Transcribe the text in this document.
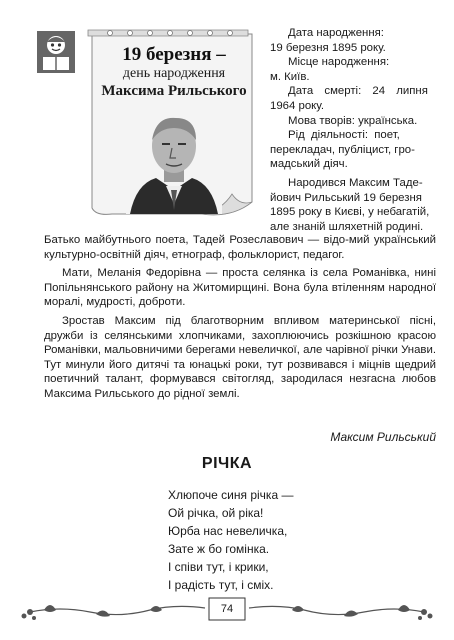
19 березня –
день народження
Максима Рильського

Дата народження:

19 березня 1895 року.

Місце народження:

м. Київ.

Дата смерті: 24 липня

1964 року.

Мова творів: українська.

Рід діяльності: поет,

перекладач, публіцист, гро-

мадський діяч.

Народився Максим Таде-

йович Рильський 19 березня

1895 року в Києві, у небагатій,

але знаній шляхетній родині.

Батько майбутнього поета, Тадей Розеславович — відо-мий український культурно-освітній діяч, етнограф, фольклорист, педагог.

Мати, Меланія Федорівна — проста селянка із села Романівка, нині Попільнянського району на Житомирщині. Вона була втіленням народної моралі, мудрості, доброти.

Зростав Максим під благотворним впливом материнської пісні, дружби із селянськими хлопчиками, захоплюючись розкішною красою Романівки, мальовничими берегами невеличкої, але чарівної річки Унави. Тут минули його дитячі та юнацькі роки, тут розвивався і міцнів щедрий поетичний талант, формувався світогляд, зародилася незгасна любов Максима Рильського до рідної землі.

Максим Рильський
РІЧКА
Хлюпоче синя річка —
Ой річка, ой ріка!
Юрба нас невеличка,
Зате ж бо гомінка.
І співи тут, і крики,
І радість тут, і сміх.
74
